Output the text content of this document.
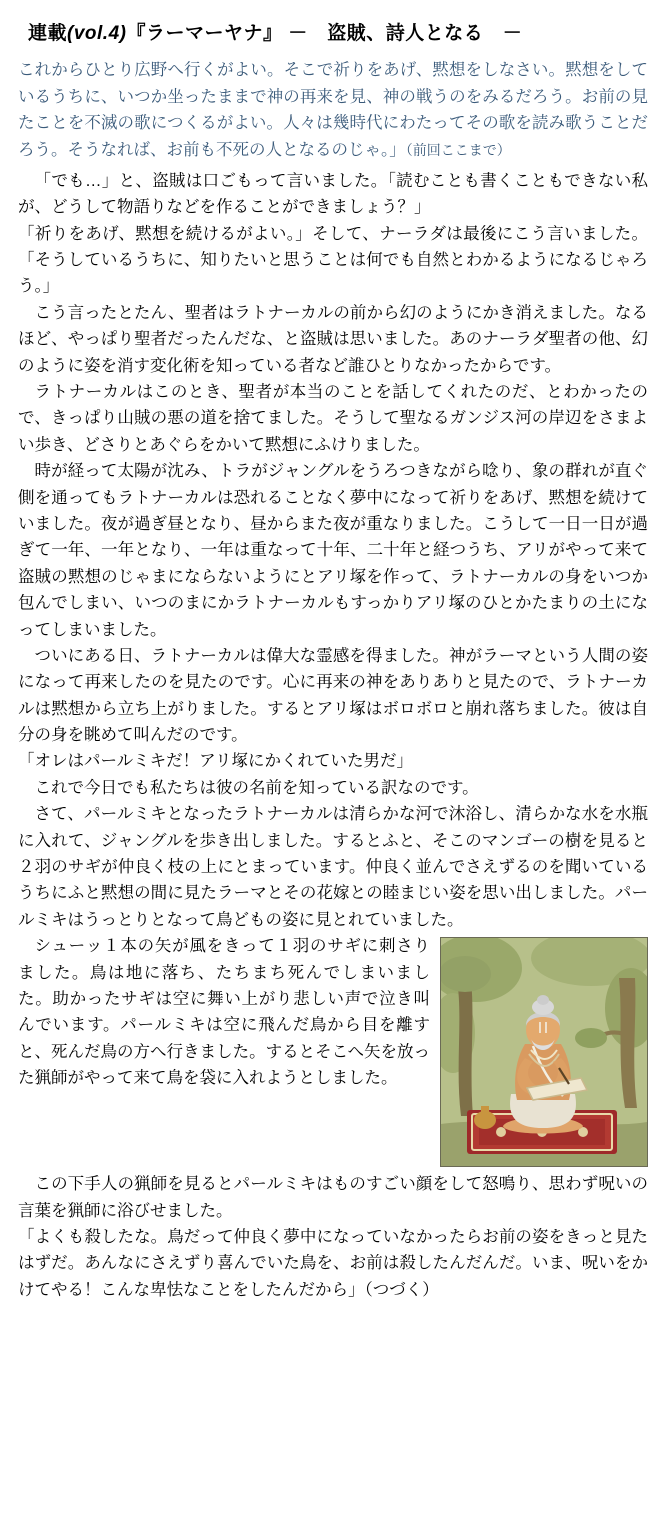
連載(vol.4)『ラーマーヤナ』 －　盗賊、詩人となる　－
これからひとり広野へ行くがよい。そこで祈りをあげ、黙想をしなさい。黙想をしているうちに、いつか坐ったままで神の再来を見、神の戦うのをみるだろう。お前の見たことを不滅の歌につくるがよい。人々は幾時代にわたってその歌を読み歌うことだろう。そうなれば、お前も不死の人となるのじゃ。」（前回ここまで）

「でも…」と、盗賊は口ごもって言いました。「読むことも書くこともできない私が、どうして物語りなどを作ることができましょう？」

「祈りをあげ、黙想を続けるがよい。」そして、ナーラダは最後にこう言いました。「そうしているうちに、知りたいと思うことは何でも自然とわかるようになるじゃろう。」

こう言ったとたん、聖者はラトナーカルの前から幻のようにかき消えました。なるほど、やっぱり聖者だったんだな、と盗賊は思いました。あのナーラダ聖者の他、幻のように姿を消す変化術を知っている者など誰ひとりなかったからです。

ラトナーカルはこのとき、聖者が本当のことを話してくれたのだ、とわかったので、きっぱり山賊の悪の道を捨てました。そうして聖なるガンジス河の岸辺をさまよい歩き、どさりとあぐらをかいて黙想にふけりました。

時が経って太陽が沈み、トラがジャングルをうろつきながら唸り、象の群れが直ぐ側を通ってもラトナーカルは恐れることなく夢中になって祈りをあげ、黙想を続けていました。夜が過ぎ昼となり、昼からまた夜が重なりました。こうして一日一日が過ぎて一年、一年となり、一年は重なって十年、二十年と経つうち、アリがやって来て盗賊の黙想のじゃまにならないようにとアリ塚を作って、ラトナーカルの身をいつか包んでしまい、いつのまにかラトナーカルもすっかりアリ塚のひとかたまりの土になってしまいました。

ついにある日、ラトナーカルは偉大な霊感を得ました。神がラーマという人間の姿になって再来したのを見たのです。心に再来の神をありありと見たので、ラトナーカルは黙想から立ち上がりました。するとアリ塚はボロボロと崩れ落ちました。彼は自分の身を眺めて叫んだのです。

「オレはパールミキだ！アリ塚にかくれていた男だ」

これで今日でも私たちは彼の名前を知っている訳なのです。

さて、パールミキとなったラトナーカルは清らかな河で沐浴し、清らかな水を水瓶に入れて、ジャングルを歩き出しました。するとふと、そこのマンゴーの樹を見ると２羽のサギが仲良く枝の上にとまっています。仲良く並んでさえずるのを聞いているうちにふと黙想の間に見たラーマとその花嫁との睦まじい姿を思い出しました。パールミキはうっとりとなって鳥どもの姿に見とれていました。

シューッ１本の矢が風をきって１羽のサギに刺さりました。鳥は地に落ち、たちまち死んでしまいました。助かったサギは空に舞い上がり悲しい声で泣き叫んでいます。パールミキは空に飛んだ鳥から目を離すと、死んだ鳥の方へ行きました。するとそこへ矢を放った猟師がやって来て鳥を袋に入れようとしました。

この下手人の猟師を見るとパールミキはものすごい顔をして怒鳴り、思わず呪いの言葉を猟師に浴びせました。

「よくも殺したな。鳥だって仲良く夢中になっていなかったらお前の姿をきっと見たはずだ。あんなにさえずり喜んでいた鳥を、お前は殺したんだんだ。いま、呪いをかけてやる！こんな卑怯なことをしたんだから」（つづく）
